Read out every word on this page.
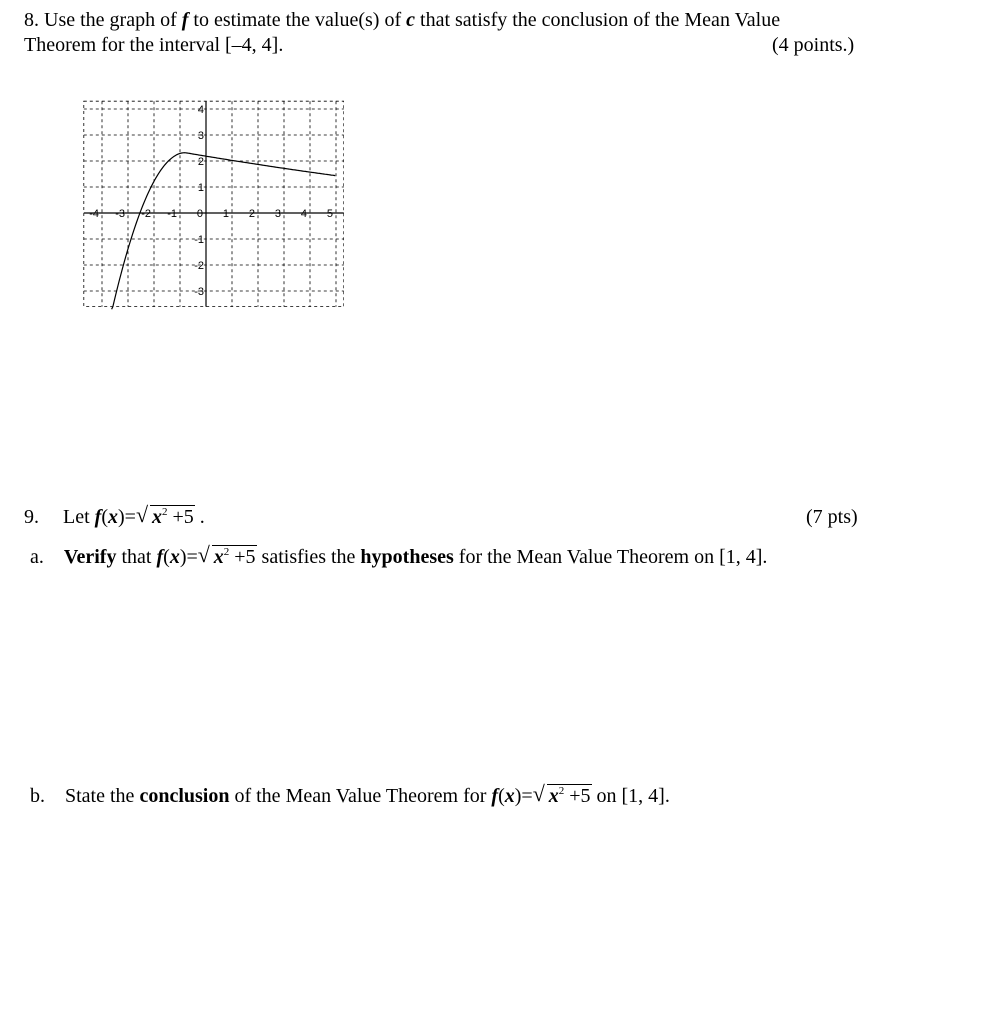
8. Use the graph of f to estimate the value(s) of c that satisfy the conclusion of the Mean Value
Theorem for the interval [–4, 4].	(4 points.)
-4 -3 -2 -1 0 1 2 3 4 5
4
3
2
1
-1
-2
-3
9. Let f(x)= √ $x^2 +5$ .	(7 pts)
a. Verify that f(x)= √ $x^2 +5$ satisfies the hypotheses for the Mean Value Theorem on [1, 4].
b. State the conclusion of the Mean Value Theorem for f(x)= √ $x^2 +5$ on [1, 4].
